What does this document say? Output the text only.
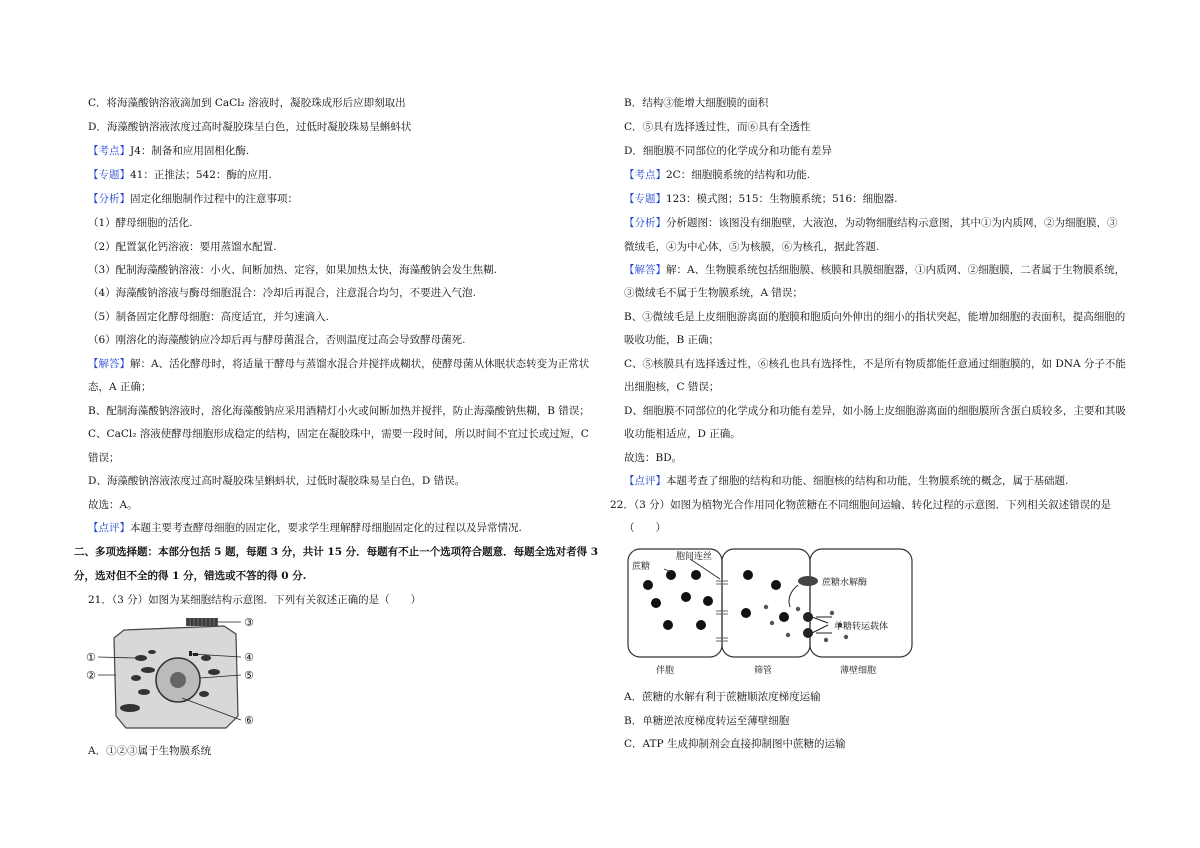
C．将海藻酸钠溶液滴加到 CaCl₂ 溶液时，凝胶珠成形后应即刻取出
D．海藻酸钠溶液浓度过高时凝胶珠呈白色，过低时凝胶珠易呈蝌蚪状
【考点】J4：制备和应用固相化酶.
【专题】41：正推法；542：酶的应用.
【分析】固定化细胞制作过程中的注意事项：
（1）酵母细胞的活化.
（2）配置氯化钙溶液：要用蒸馏水配置.
（3）配制海藻酸钠溶液：小火、间断加热、定容，如果加热太快，海藻酸钠会发生焦糊.
（4）海藻酸钠溶液与酶母细胞混合：冷却后再混合，注意混合均匀，不要进入气泡.
（5）制备固定化酵母细胞：高度适宜，并匀速滴入.
（6）刚溶化的海藻酸钠应冷却后再与酵母菌混合，否则温度过高会导致酵母菌死.
【解答】解：A、活化酵母时，将适量干酵母与蒸馏水混合并搅拌成糊状，使酵母菌从休眠状态转变为正常状
态，A 正确；
B、配制海藻酸钠溶液时，溶化海藻酸钠应采用酒精灯小火或间断加热并搅拌，防止海藻酸钠焦糊，B 错误；
C、CaCl₂ 溶液使酵母细胞形成稳定的结构，固定在凝胶珠中，需要一段时间，所以时间不宜过长或过短，C
错误；
D、海藻酸钠溶液浓度过高时凝胶珠呈蝌蚪状，过低时凝胶珠易呈白色，D 错误。
故选：A。
【点评】本题主要考查酵母细胞的固定化，要求学生理解酵母细胞固定化的过程以及异常情况.
二、多项选择题：本部分包括 5 题，每题 3 分，共计 15 分．每题有不止一个选项符合题意．每题全选对者得 3
分，选对但不全的得 1 分，错选或不答的得 0 分.
21．（3 分）如图为某细胞结构示意图．下列有关叙述正确的是（　　）
①
②
③
④
⑤
⑥
A．①②③属于生物膜系统
B．结构③能增大细胞膜的面积
C．⑤具有选择透过性，而⑥具有全透性
D．细胞膜不同部位的化学成分和功能有差异
【考点】2C：细胞膜系统的结构和功能.
【专题】123：模式图；515：生物膜系统；516：细胞器.
【分析】分析题图：该图没有细胞壁，大液泡，为动物细胞结构示意图，其中①为内质网，②为细胞膜，③
微绒毛，④为中心体，⑤为核膜，⑥为核孔，据此答题.
【解答】解：A、生物膜系统包括细胞膜、核膜和具膜细胞器，①内质网、②细胞膜，二者属于生物膜系统，
③微绒毛不属于生物膜系统，A 错误；
B、③微绒毛是上皮细胞游离面的胞膜和胞质向外伸出的细小的指状突起，能增加细胞的表面积，提高细胞的
吸收功能，B 正确；
C、⑤核膜具有选择透过性，⑥核孔也具有选择性，不是所有物质都能任意通过细胞膜的，如 DNA 分子不能
出细胞核，C 错误；
D、细胞膜不同部位的化学成分和功能有差异，如小肠上皮细胞游离面的细胞膜所含蛋白质较多，主要和其吸
收功能相适应，D 正确。
故选：BD。
【点评】本题考查了细胞的结构和功能、细胞核的结构和功能，生物膜系统的概念，属于基础题.
22．（3 分）如图为植物光合作用同化物蔗糖在不同细胞间运输、转化过程的示意图．下列相关叙述错误的是
（　　）
蔗糖
胞间连丝
蔗糖水解酶
单糖转运载体
伴胞	筛管	薄壁细胞
A．蔗糖的水解有利于蔗糖顺浓度梯度运输
B．单糖逆浓度梯度转运至薄壁细胞
C．ATP 生成抑制剂会直接抑制图中蔗糖的运输
